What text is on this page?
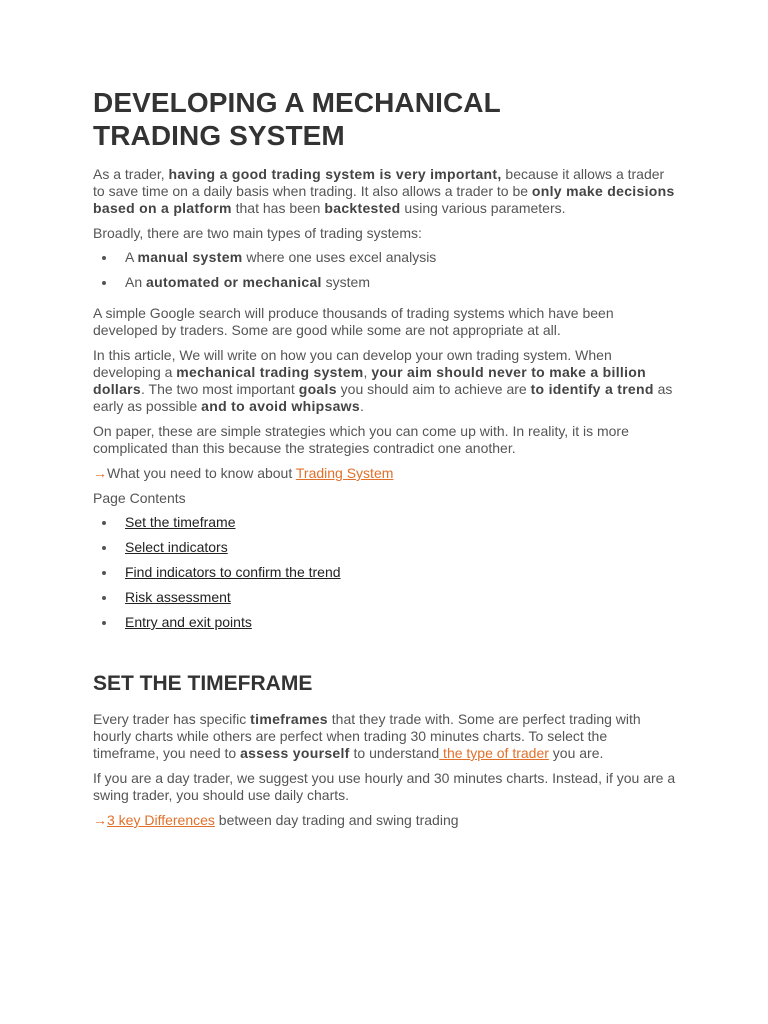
DEVELOPING A MECHANICAL
TRADING SYSTEM

As a trader, having a good trading system is very important, because it allows a trader to save time on a daily basis when trading. It also allows a trader to be only make decisions based on a platform that has been backtested using various parameters.

Broadly, there are two main types of trading systems:

A manual system where one uses excel analysis
An automated or mechanical system

A simple Google search will produce thousands of trading systems which have been developed by traders. Some are good while some are not appropriate at all.

In this article, We will write on how you can develop your own trading system. When developing a mechanical trading system, your aim should never to make a billion dollars. The two most important goals you should aim to achieve are to identify a trend as early as possible and to avoid whipsaws.

On paper, these are simple strategies which you can come up with. In reality, it is more complicated than this because the strategies contradict one another.

→What you need to know about Trading System

Page Contents

Set the timeframe
Select indicators
Find indicators to confirm the trend
Risk assessment
Entry and exit points
SET THE TIMEFRAME

Every trader has specific timeframes that they trade with. Some are perfect trading with hourly charts while others are perfect when trading 30 minutes charts. To select the timeframe, you need to assess yourself to understand the type of trader you are.

If you are a day trader, we suggest you use hourly and 30 minutes charts. Instead, if you are a swing trader, you should use daily charts.

→3 key Differences between day trading and swing trading
